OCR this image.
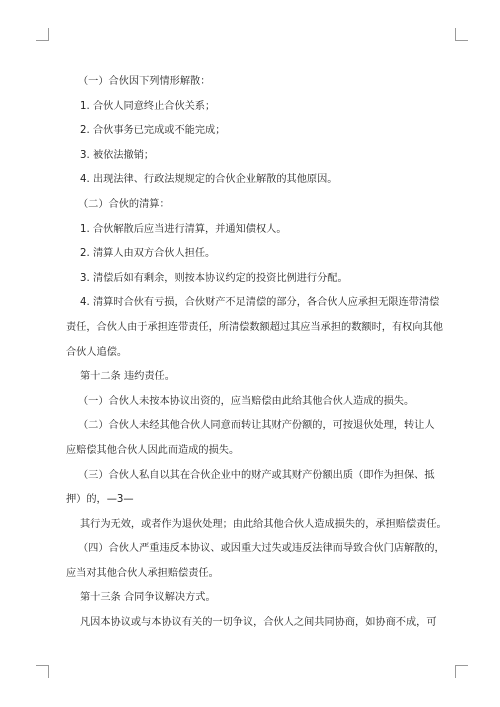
（一）合伙因下列情形解散：
1. 合伙人同意终止合伙关系；
2. 合伙事务已完成或不能完成；
3. 被依法撤销；
4. 出现法律、行政法规规定的合伙企业解散的其他原因。
（二）合伙的清算：
1. 合伙解散后应当进行清算，并通知债权人。
2. 清算人由双方合伙人担任。
3. 清偿后如有剩余，则按本协议约定的投资比例进行分配。
4. 清算时合伙有亏损，合伙财产不足清偿的部分，各合伙人应承担无限连带清偿
责任，合伙人由于承担连带责任，所清偿数额超过其应当承担的数额时，有权向其他
合伙人追偿。
第十二条 违约责任。
（一）合伙人未按本协议出资的，应当赔偿由此给其他合伙人造成的损失。
（二）合伙人未经其他合伙人同意而转让其财产份额的，可按退伙处理，转让人
应赔偿其他合伙人因此而造成的损失。
（三）合伙人私自以其在合伙企业中的财产或其财产份额出质（即作为担保、抵
押）的，—3—
其行为无效，或者作为退伙处理；由此给其他合伙人造成损失的，承担赔偿责任。
（四）合伙人严重违反本协议、或因重大过失或违反法律而导致合伙门店解散的，
应当对其他合伙人承担赔偿责任。
第十三条 合同争议解决方式。
凡因本协议或与本协议有关的一切争议，合伙人之间共同协商，如协商不成，可
